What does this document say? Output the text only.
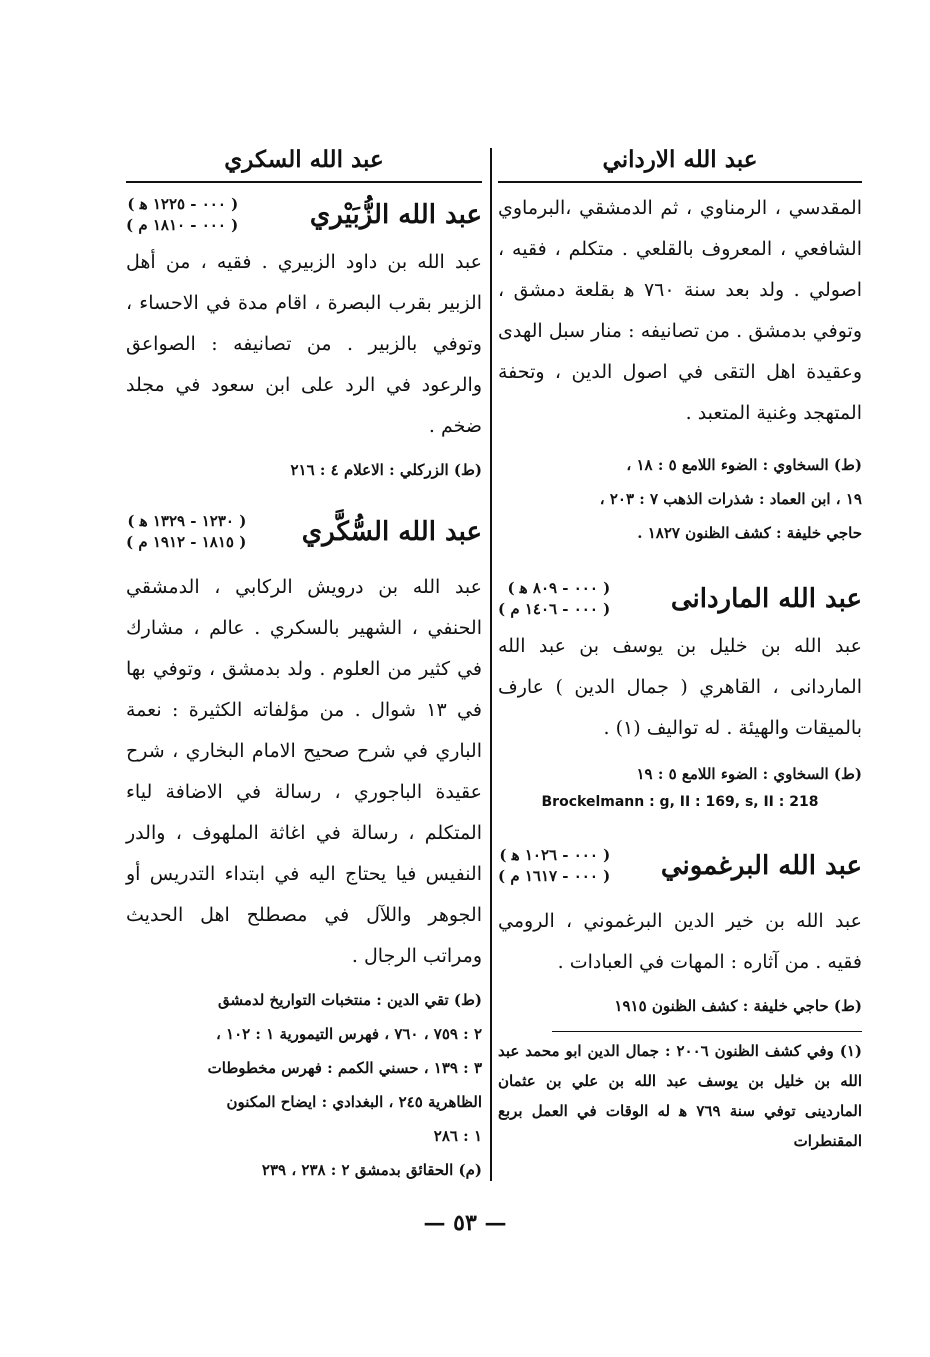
عبد الله الارداني

المقدسي ، الرمناوي ، ثم الدمشقي ،البرماوي الشافعي ، المعروف بالقلعي . متكلم ، فقيه ، اصولي . ولد بعد سنة ٧٦٠ ﻫ بقلعة دمشق ، وتوفي بدمشق . من تصانيفه : منار سبل الهدى وعقيدة اهل التقى في اصول الدين ، وتحفة المتهجد وغنية المتعبد .

(ط) السخاوي : الضوء اللامع ٥ : ١٨ ،

١٩ ، ابن العماد : شذرات الذهب ٧ : ٢٠٣ ،

حاجي خليفة : كشف الظنون ١٨٢٧ .

عبد الله الماردانى
( ٠٠٠ - ٨٠٩ ﻫ )
( ٠٠٠ - ١٤٠٦ م )

عبد الله بن خليل بن يوسف بن عبد الله الماردانى ، القاهري ( جمال الدين ) عارف بالميقات والهيئة . له تواليف (١) .

(ط) السخاوي : الضوء اللامع ٥ : ١٩

Brockelmann : g, II : 169, s, II : 218

عبد الله البرغموني
( ٠٠٠ - ١٠٢٦ ﻫ )
( ٠٠٠ - ١٦١٧ م )

عبد الله بن خير الدين البرغموني ، الرومي فقيه . من آثاره : المهات في العبادات .

(ط) حاجي خليفة : كشف الظنون ١٩١٥

(١) وفي كشف الظنون ٢٠٠٦ : جمال الدين ابو محمد عبد الله بن خليل بن يوسف عبد الله بن علي بن عثمان الماردينى توفي سنة ٧٦٩ ﻫ له الوقات في العمل بربع المقنطرات

عبد الله السكري
عبد الله الزُّبَيْري
( ٠٠٠ - ١٢٢٥ ﻫ )
( ٠٠٠ - ١٨١٠ م )

عبد الله بن داود الزبيري . فقيه ، من أهل الزبير بقرب البصرة ، اقام مدة في الاحساء ، وتوفي بالزبير . من تصانيفه : الصواعق والرعود في الرد على ابن سعود في مجلد ضخم .

(ط) الزركلي : الاعلام ٤ : ٢١٦

عبد الله السُّكَّري
( ١٢٣٠ - ١٣٢٩ ﻫ )
( ١٨١٥ - ١٩١٢ م )

عبد الله بن درويش الركابي ، الدمشقي الحنفي ، الشهير بالسكري . عالم ، مشارك في كثير من العلوم . ولد بدمشق ، وتوفي بها في ١٣ شوال . من مؤلفاته الكثيرة : نعمة الباري في شرح صحيح الامام البخاري ، شرح عقيدة الباجوري ، رسالة في الاضافة لياء المتكلم ، رسالة في اغاثة الملهوف ، والدر النفيس فيا يحتاج اليه في ابتداء التدريس أو الجوهر واللآل في مصطلح اهل الحديث ومراتب الرجال .

(ط) تقي الدين : منتخبات التواريخ لدمشق

٢ : ٧٥٩ ، ٧٦٠ ، فهرس التيمورية ١ : ١٠٢ ،

٣ : ١٣٩ ، حسني الكمم : فهرس مخطوطات

الظاهرية ٢٤٥ ، البغدادي : ايضاح المكنون

١ : ٢٨٦

(م) الحقائق بدمشق ٢ : ٢٣٨ ، ٢٣٩

— ٥٣ —
